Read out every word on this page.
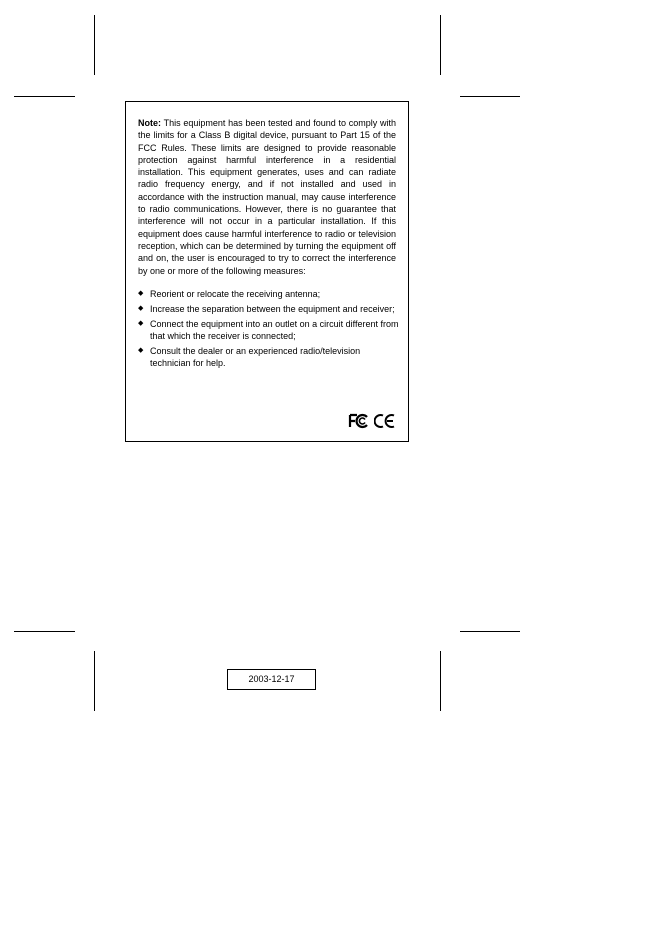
Note: This equipment has been tested and found to comply with the limits for a Class B digital device, pursuant to Part 15 of the FCC Rules. These limits are designed to provide reasonable protection against harmful interference in a residential installation. This equipment generates, uses and can radiate radio frequency energy, and if not installed and used in accordance with the instruction manual, may cause interference to radio communications. However, there is no guarantee that interference will not occur in a particular installation. If this equipment does cause harmful interference to radio or television reception, which can be determined by turning the equipment off and on, the user is encouraged to try to correct the interference by one or more of the following measures:

◆ Reorient or relocate the receiving antenna;
◆ Increase the separation between the equipment and receiver;
◆ Connect the equipment into an outlet on a circuit different from that which the receiver is connected;
◆ Consult the dealer or an experienced radio/television technician for help.
2003-12-17
